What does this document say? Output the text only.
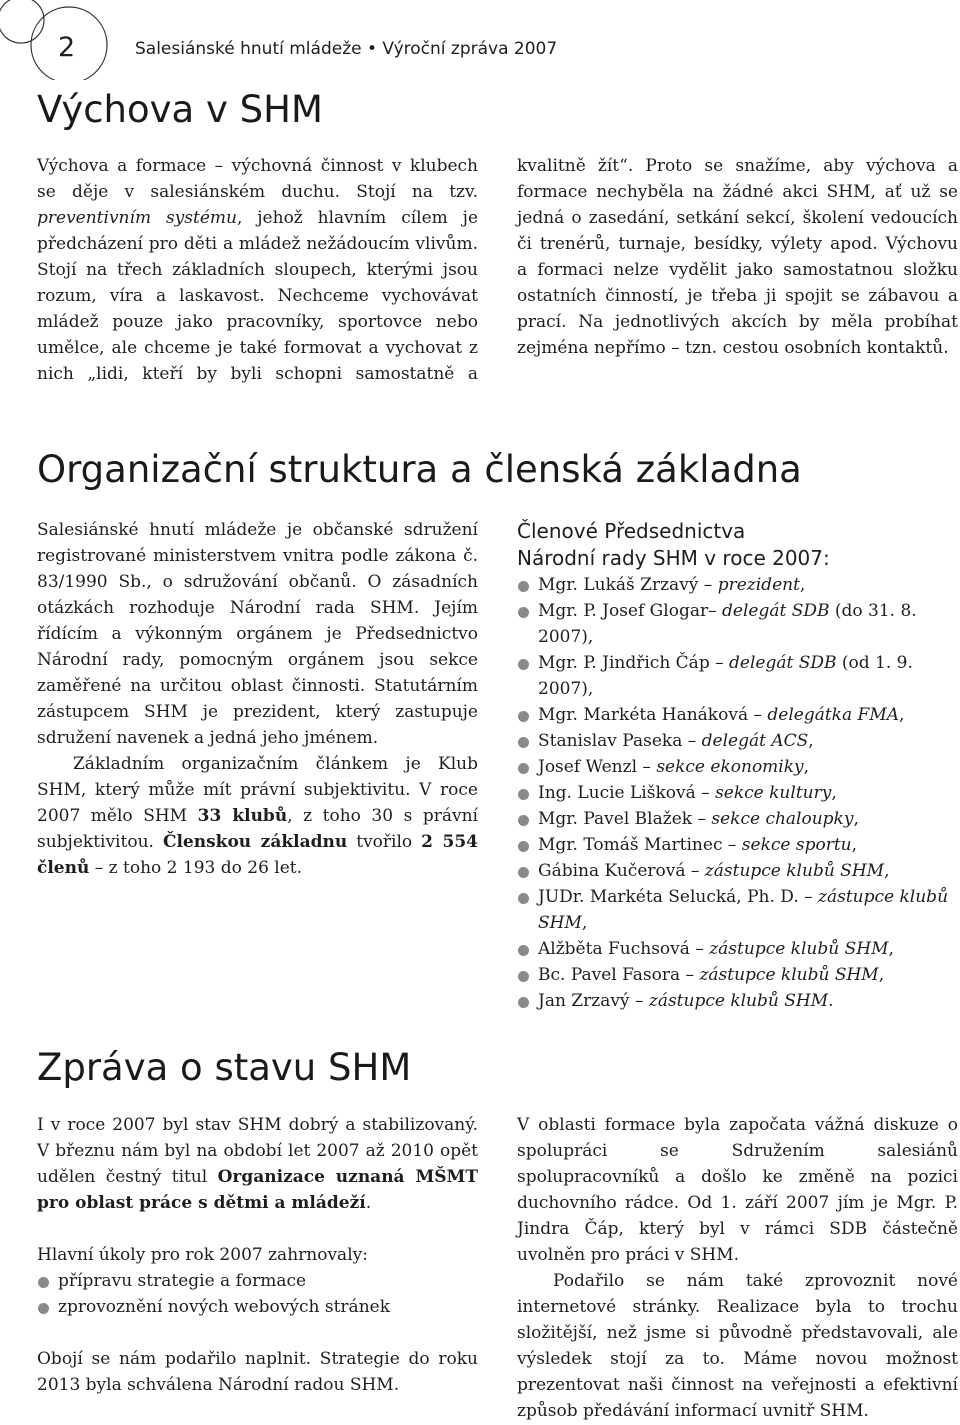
2	Salesiánské hnutí mládeže • Výroční zpráva 2007
Výchova v SHM

Výchova a formace – výchovná činnost v klubech se děje v salesiánském duchu. Stojí na tzv. preventivním systému, jehož hlavním cílem je předcházení pro děti a mládež nežádoucím vlivům. Stojí na třech základních sloupech, kterými jsou rozum, víra a laskavost. Nechceme vychovávat mládež pouze jako pracovníky, sportovce nebo umělce, ale chceme je také formovat a vychovat z nich „lidi, kteří by byli schopni samostatně a kvalitně žít“. Proto se snažíme, aby výchova a formace nechyběla na žádné akci SHM, ať už se jedná o zasedání, setkání sekcí, školení vedoucích či trenérů, turnaje, besídky, výlety apod. Výchovu a formaci nelze vydělit jako samostatnou složku ostatních činností, je třeba ji spojit se zábavou a prací. Na jednotlivých akcích by měla probíhat zejména nepřímo – tzn. cestou osobních kontaktů.

Organizační struktura a členská základna

Salesiánské hnutí mládeže je občanské sdružení registrované ministerstvem vnitra podle zákona č. 83/1990 Sb., o sdružování občanů. O zásadních otázkách rozhoduje Národní rada SHM. Jejím řídícím a výkonným orgánem je Předsednictvo Národní rady, pomocným orgánem jsou sekce zaměřené na určitou oblast činnosti. Statutárním zástupcem SHM je prezident, který zastupuje sdružení navenek a jedná jeho jménem.

Základním organizačním článkem je Klub SHM, který může mít právní subjektivitu. V roce 2007 mělo SHM 33 klubů, z toho 30 s právní subjektivitou. Členskou základnu tvořilo 2 554 členů – z toho 2 193 do 26 let.

Členové Předsednictva
Národní rady SHM v roce 2007:
Mgr. Lukáš Zrzavý – prezident,
Mgr. P. Josef Glogar– delegát SDB (do 31. 8. 2007),
Mgr. P. Jindřich Čáp – delegát SDB (od 1. 9. 2007),
Mgr. Markéta Hanáková – delegátka FMA,
Stanislav Paseka – delegát ACS,
Josef Wenzl – sekce ekonomiky,
Ing. Lucie Lišková – sekce kultury,
Mgr. Pavel Blažek – sekce chaloupky,
Mgr. Tomáš Martinec – sekce sportu,
Gábina Kučerová – zástupce klubů SHM,
JUDr. Markéta Selucká, Ph. D. – zástupce klubů SHM,
Alžběta Fuchsová – zástupce klubů SHM,
Bc. Pavel Fasora – zástupce klubů SHM,
Jan Zrzavý – zástupce klubů SHM.
Zpráva o stavu SHM

I v roce 2007 byl stav SHM dobrý a stabilizovaný. V březnu nám byl na období let 2007 až 2010 opět udělen čestný titul Organizace uznaná MŠMT pro oblast práce s dětmi a mládeží.

Hlavní úkoly pro rok 2007 zahrnovaly:

přípravu strategie a formace
zprovoznění nových webových stránek

Obojí se nám podařilo naplnit. Strategie do roku 2013 byla schválena Národní radou SHM.

V oblasti formace byla započata vážná diskuze o spolupráci se Sdružením salesiánů spolupracovníků a došlo ke změně na pozici duchovního rádce. Od 1. září 2007 jím je Mgr. P. Jindra Čáp, který byl v rámci SDB částečně uvolněn pro práci v SHM.

Podařilo se nám také zprovoznit nové internetové stránky. Realizace byla to trochu složitější, než jsme si původně představovali, ale výsledek stojí za to. Máme novou možnost prezentovat naši činnost na veřejnosti a efektivní způsob předávání informací uvnitř SHM.
